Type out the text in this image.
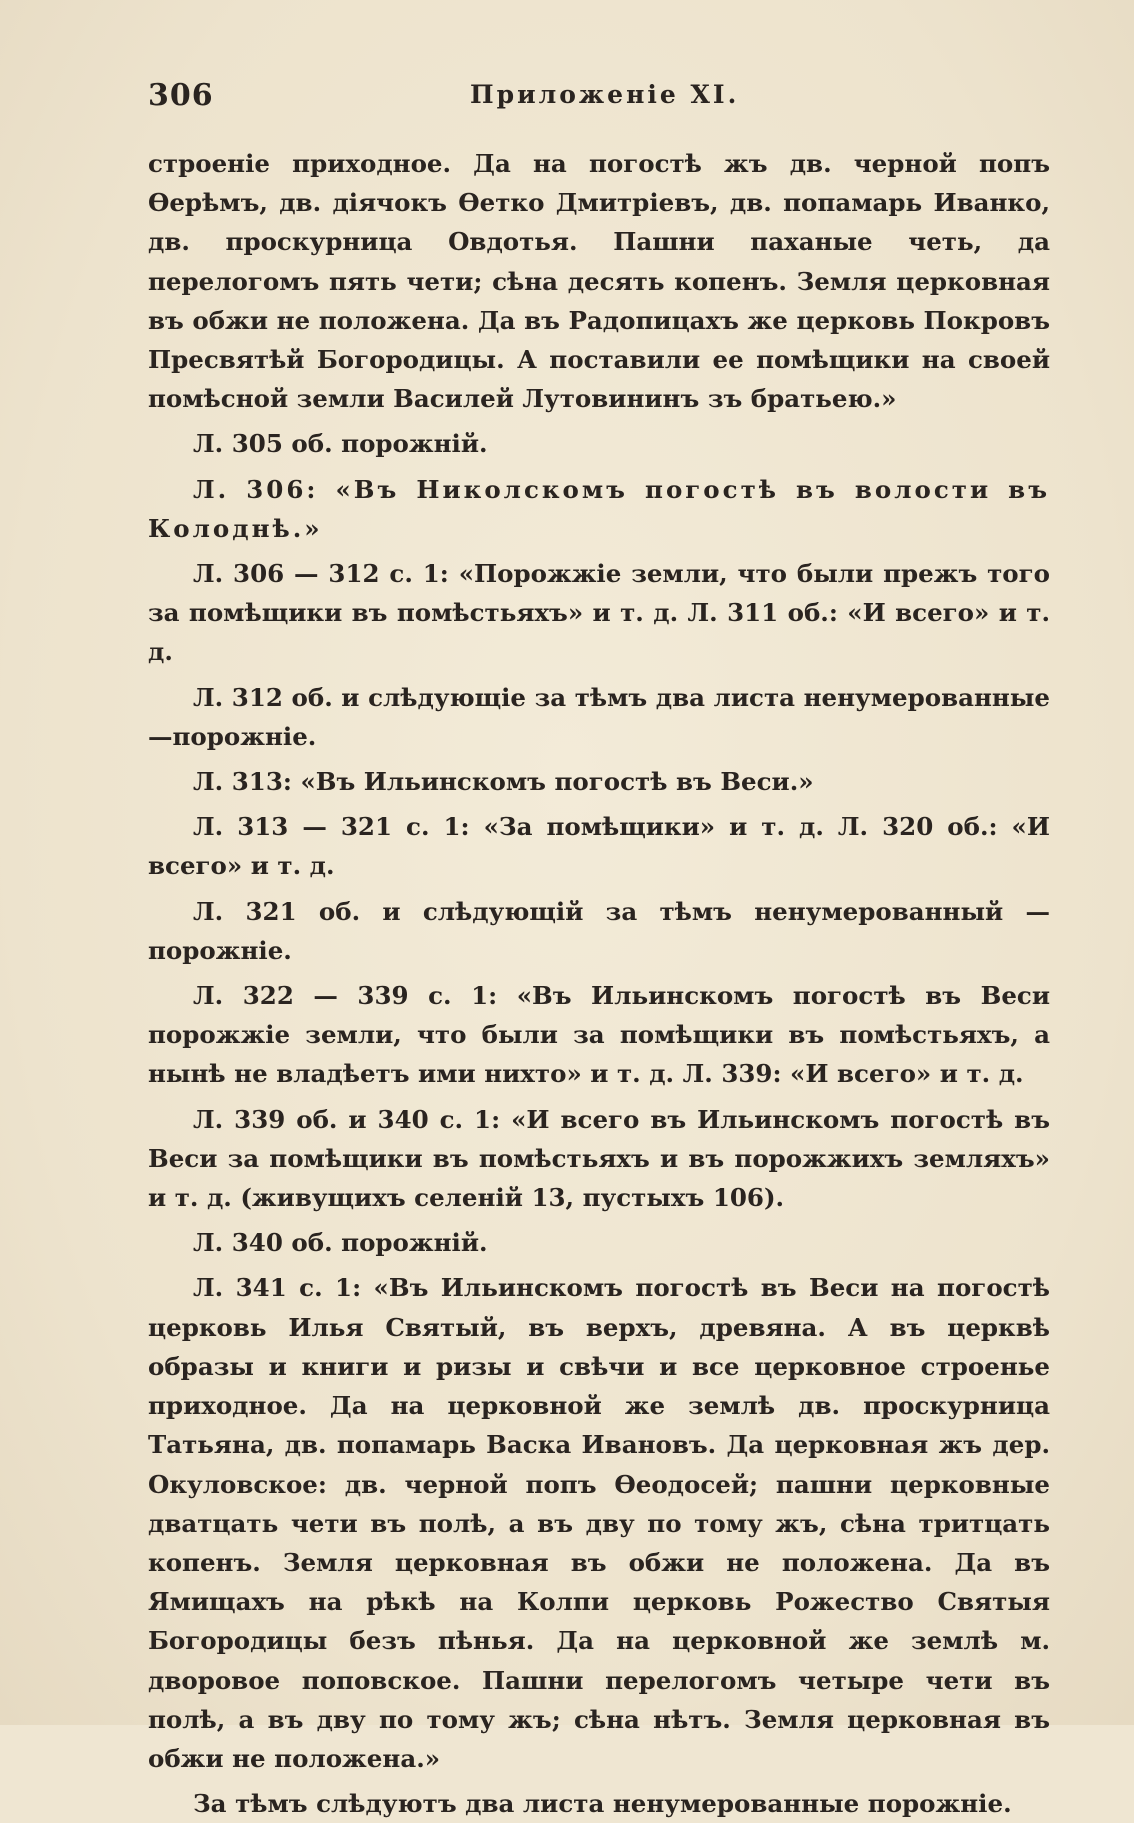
306	Приложенiе XI.

строенiе приходное. Да на погостѣ жъ дв. черной попъ Ѳерѣмъ, дв. дiячокъ Ѳетко Дмитрiевъ, дв. попамарь Иванко, дв. проскурница Овдотья. Пашни паханые четь, да перелогомъ пять чети; сѣна десять копенъ. Земля церковная въ обжи не положена. Да въ Радопицахъ же церковь Покровъ Пресвятѣй Богородицы. А поставили ее помѣщики на своей помѣсной земли Василей Лутовининъ зъ братьею.»

Л. 305 об. порожнiй.

Л. 306: «Въ Николскомъ погостѣ въ волости въ Колоднѣ.»

Л. 306 — 312 с. 1: «Порожжiе земли, что были прежъ того за помѣщики въ помѣстьяхъ» и т. д. Л. 311 об.: «И всего» и т. д.

Л. 312 об. и слѣдующiе за тѣмъ два листа ненумерованные—порожнiе.

Л. 313: «Въ Ильинскомъ погостѣ въ Веси.»

Л. 313 — 321 с. 1: «За помѣщики» и т. д. Л. 320 об.: «И всего» и т. д.

Л. 321 об. и слѣдующiй за тѣмъ ненумерованный — порожнiе.

Л. 322 — 339 с. 1: «Въ Ильинскомъ погостѣ въ Веси порожжiе земли, что были за помѣщики въ помѣстьяхъ, а нынѣ не владѣетъ ими нихто» и т. д. Л. 339: «И всего» и т. д.

Л. 339 об. и 340 с. 1: «И всего въ Ильинскомъ погостѣ въ Веси за помѣщики въ помѣстьяхъ и въ порожжихъ земляхъ» и т. д. (живущихъ селенiй 13, пустыхъ 106).

Л. 340 об. порожнiй.

Л. 341 с. 1: «Въ Ильинскомъ погостѣ въ Веси на погостѣ церковь Илья Святый, въ верхъ, древяна. А въ церквѣ образы и книги и ризы и свѣчи и все церковное строенье приходное. Да на церковной же землѣ дв. проскурница Татьяна, дв. попамарь Васка Ивановъ. Да церковная жъ дер. Окуловское: дв. черной попъ Ѳеодосей; пашни церковные дватцать чети въ полѣ, а въ дву по тому жъ, сѣна тритцать копенъ. Земля церковная въ обжи не положена. Да въ Ямищахъ на рѣкѣ на Колпи церковь Рожество Святыя Богородицы безъ пѣнья. Да на церковной же землѣ м. дворовое поповское. Пашни перелогомъ четыре чети въ полѣ, а въ дву по тому жъ; сѣна нѣтъ. Земля церковная въ обжи не положена.»

За тѣмъ слѣдуютъ два листа ненумерованные порожнiе.
